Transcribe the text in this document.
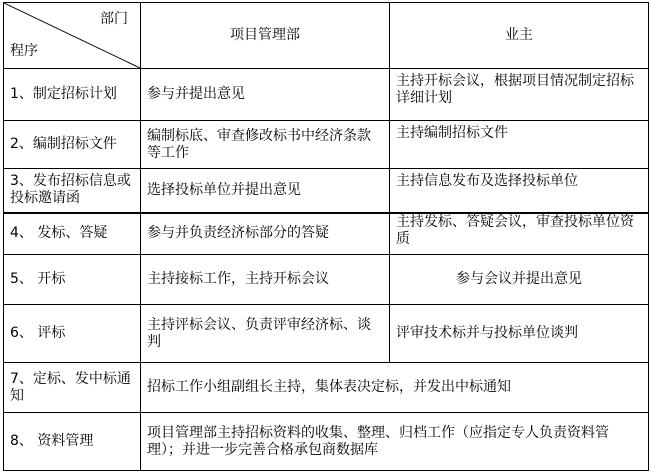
部门
程序	项目管理部	业主
1、制定招标计划	参与并提出意见	主持开标会议，根据项目情况制定招标详细计划
2、编制招标文件	编制标底、审查修改标书中经济条款等工作	主持编制招标文件
3、发布招标信息或投标邀请函	选择投标单位并提出意见	主持信息发布及选择投标单位
4、 发标、答疑	参与并负责经济标部分的答疑	主持发标、答疑会议，审查投标单位资质
5、 开标	主持接标工作，主持开标会议	参与会议并提出意见
6、 评标	主持评标会议、负责评审经济标、谈判	评审技术标并与投标单位谈判
7、定标、发中标通知	招标工作小组副组长主持，集体表决定标，并发出中标通知	
8、 资料管理	项目管理部主持招标资料的收集、整理、归档工作（应指定专人负责资料管理）；并进一步完善合格承包商数据库	
